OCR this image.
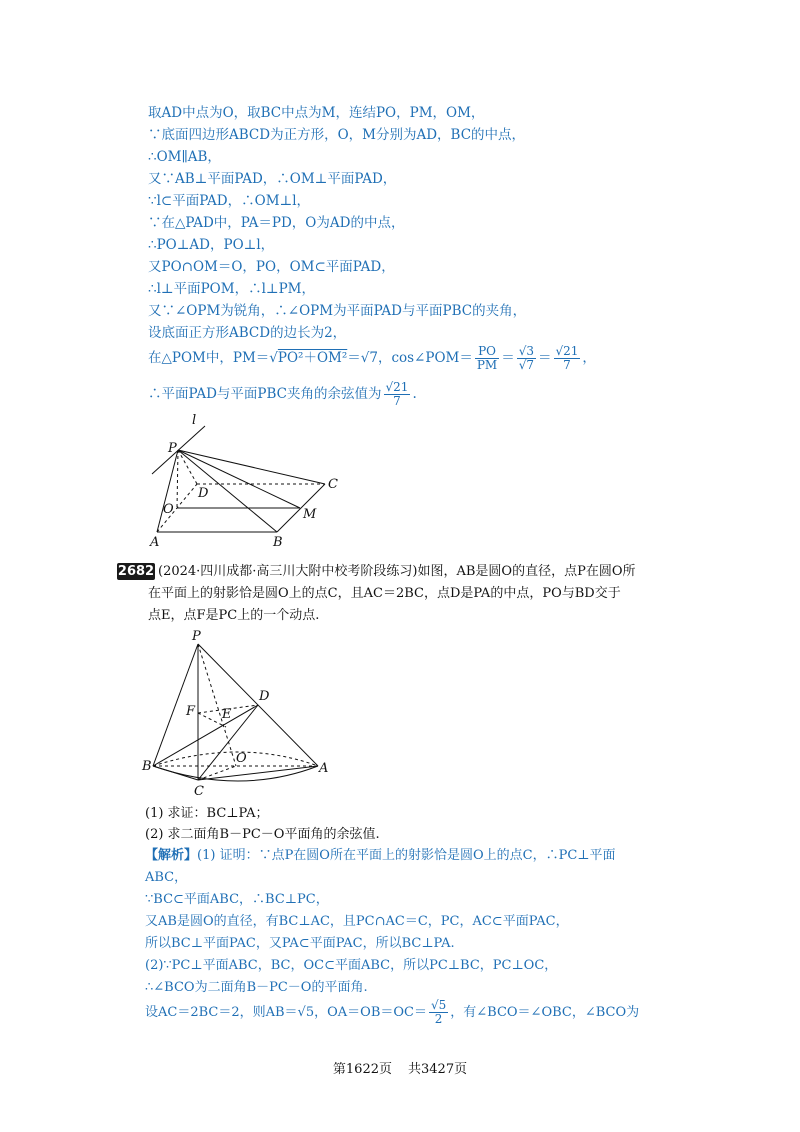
取AD中点为O，取BC中点为M，连结PO，PM，OM，
∵底面四边形ABCD为正方形，O，M分别为AD，BC的中点，
∴OM∥AB，
又∵AB⊥平面PAD，∴OM⊥平面PAD，
∵l⊂平面PAD，∴OM⊥l，
∵在△PAD中，PA＝PD，O为AD的中点，
∴PO⊥AD，PO⊥l，
又PO∩OM＝O，PO，OM⊂平面PAD，
∴l⊥平面POM，∴l⊥PM，
又∵∠OPM为锐角，∴∠OPM为平面PAD与平面PBC的夹角，
设底面正方形ABCD的边长为2，
在△POM中，PM＝√PO²＋OM²＝√7，cos∠POM＝ $\frac{PO}{PM} = \frac{√3}{√7} = \frac{√21}{7}$ ，
∴平面PAD与平面PBC夹角的余弦值为 $\frac{√21}{7}$ .
l
P
D
C
O	M
A	B
2682 (2024·四川成都·高三川大附中校考阶段练习)如图，AB是圆O的直径，点P在圆O所
在平面上的射影恰是圆O上的点C，且AC＝2BC，点D是PA的中点，PO与BD交于
点E，点F是PC上的一个动点.
P
D
F E
O
B	A
C
(1) 求证：BC⊥PA；
(2) 求二面角B－PC－O平面角的余弦值.
【解析】(1) 证明：∵点P在圆O所在平面上的射影恰是圆O上的点C，∴PC⊥平面
ABC，
∵BC⊂平面ABC，∴BC⊥PC，
又AB是圆O的直径，有BC⊥AC，且PC∩AC＝C，PC，AC⊂平面PAC，
所以BC⊥平面PAC，又PA⊂平面PAC，所以BC⊥PA.
(2)∵PC⊥平面ABC，BC，OC⊂平面ABC，所以PC⊥BC，PC⊥OC，
∴∠BCO为二面角B－PC－O的平面角.
设AC＝2BC＝2，则AB＝√5，$OA=OB=OC= \frac{√5}{2}$ ，有∠BCO＝∠OBC，∠BCO为
第1622页 共3427页
